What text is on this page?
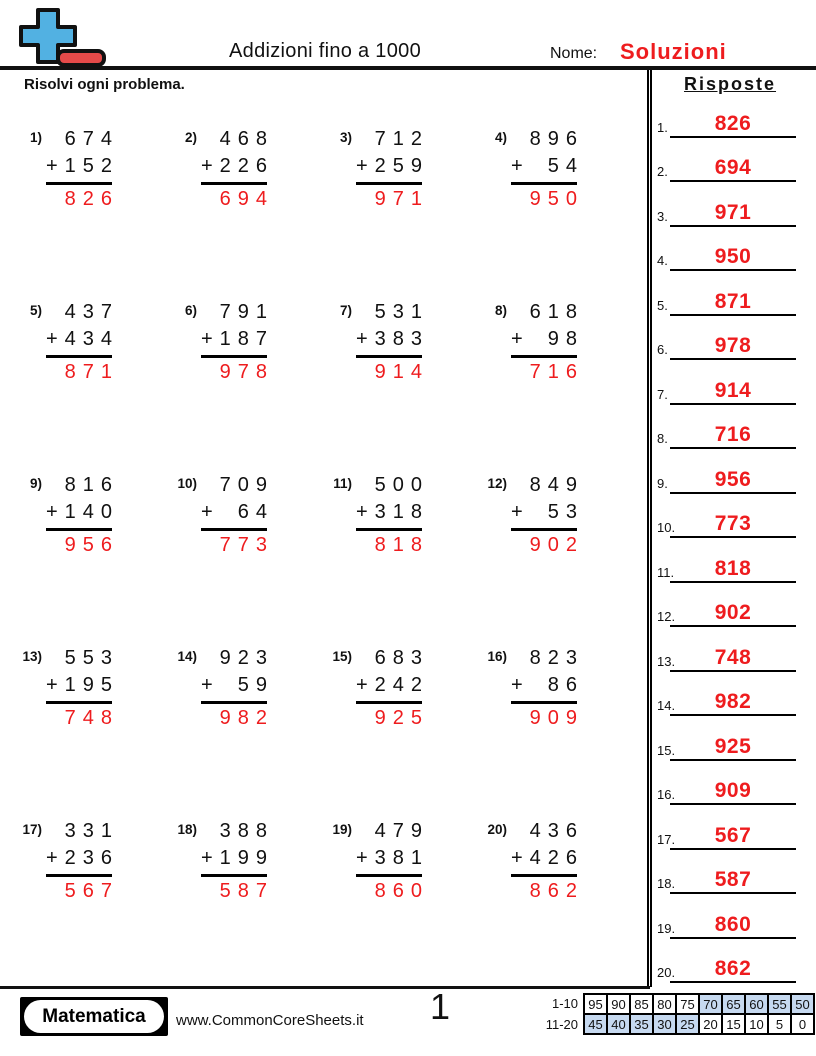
Addizioni fino a 1000	Nome: Soluzioni
Risolvi ogni problema.
1)	674
+ 152
826
2)	468
+ 226
694
3)	712
+ 259
971
4)	896
+ 54
950
5)	437
+ 434
871
6)	791
+ 187
978
7)	531
+ 383
914
8)	618
+ 98
716
9)	816
+ 140
956
10)	709
+ 64
773
11)	500
+ 318
818
12)	849
+ 53
902
13)	553
+ 195
748
14)	923
+ 59
982
15)	683
+ 242
925
16)	823
+ 86
909
17)	331
+ 236
567
18)	388
+ 199
587
19)	479
+ 381
860
20)	436
+ 426
862
Risposte
1.	826
2.	694
3.	971
4.	950
5.	871
6.	978
7.	914
8.	716
9.	956
10.	773
11.	818
12.	902
13.	748
14.	982
15.	925
16.	909
17.	567
18.	587
19.	860
20.	862
Matematica	www.CommonCoreSheets.it	1	1-10
11-20
95 90 85 80 75 70 65 60 55 50
45 40 35 30 25 20 15 10 5	0
